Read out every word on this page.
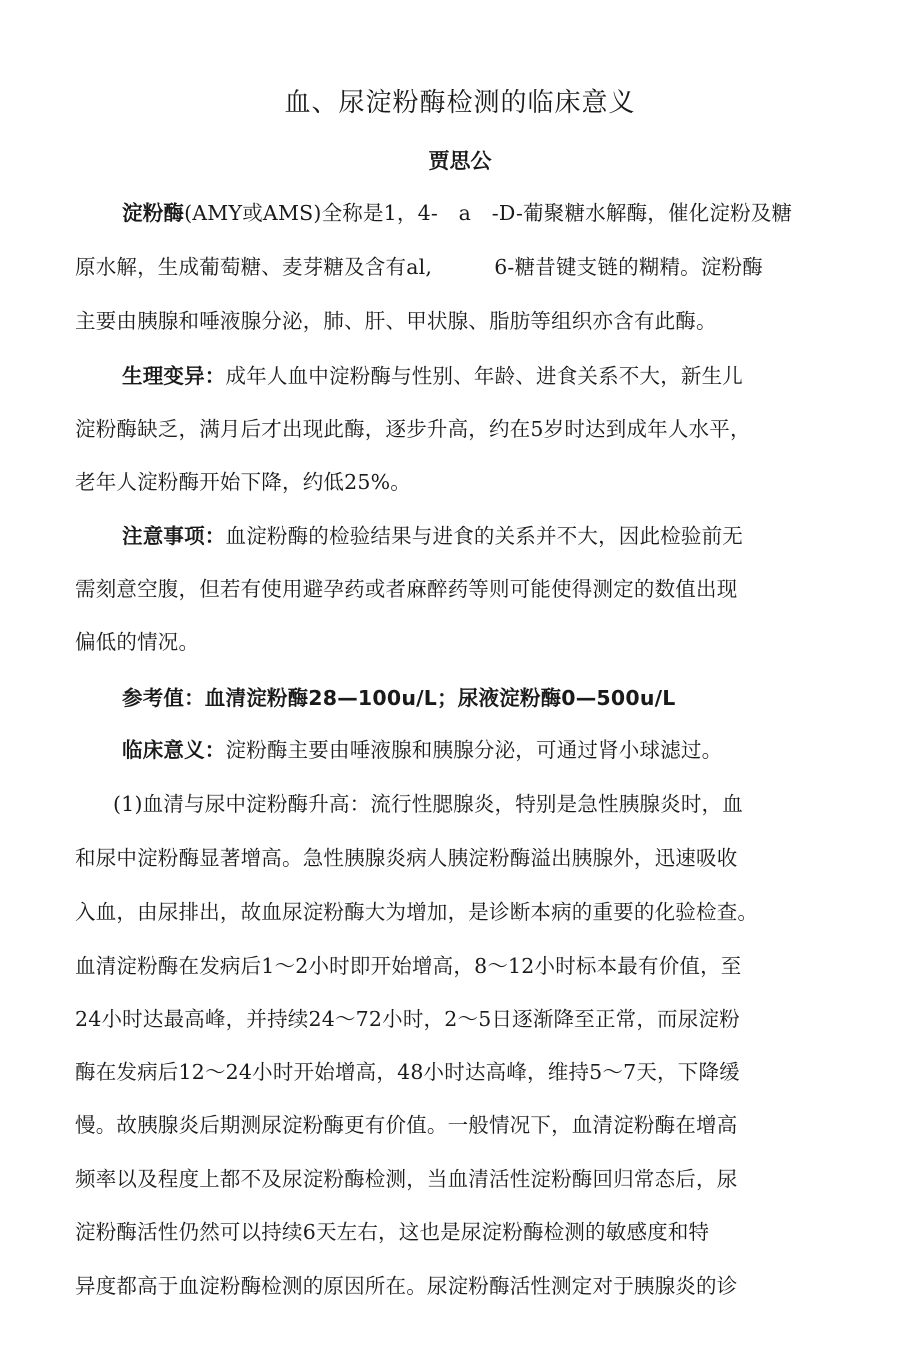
血、尿淀粉酶检测的临床意义
贾思公
淀粉酶(AMY或AMS)全称是1，4-　a　-D-葡聚糖水解酶，催化淀粉及糖
原水解，生成葡萄糖、麦芽糖及含有al,　　　6-糖昔键支链的糊精。淀粉酶
主要由胰腺和唾液腺分泌，肺、肝、甲状腺、脂肪等组织亦含有此酶。
生理变异：成年人血中淀粉酶与性别、年龄、进食关系不大，新生儿
淀粉酶缺乏，满月后才出现此酶，逐步升高，约在5岁时达到成年人水平，
老年人淀粉酶开始下降，约低25%。
注意事项：血淀粉酶的检验结果与进食的关系并不大，因此检验前无
需刻意空腹，但若有使用避孕药或者麻醉药等则可能使得测定的数值出现
偏低的情况。
参考值：血清淀粉酶28—100u/L；尿液淀粉酶0—500u/L
临床意义：淀粉酶主要由唾液腺和胰腺分泌，可通过肾小球滤过。
(1)血清与尿中淀粉酶升高：流行性腮腺炎，特别是急性胰腺炎时，血
和尿中淀粉酶显著增高。急性胰腺炎病人胰淀粉酶溢出胰腺外，迅速吸收
入血，由尿排出，故血尿淀粉酶大为增加，是诊断本病的重要的化验检查。
血清淀粉酶在发病后1～2小时即开始增高，8～12小时标本最有价值，至
24小时达最高峰，并持续24～72小时，2～5日逐渐降至正常，而尿淀粉
酶在发病后12～24小时开始增高，48小时达高峰，维持5～7天，下降缓
慢。故胰腺炎后期测尿淀粉酶更有价值。一般情况下，血清淀粉酶在增高
频率以及程度上都不及尿淀粉酶检测，当血清活性淀粉酶回归常态后，尿
淀粉酶活性仍然可以持续6天左右，这也是尿淀粉酶检测的敏感度和特
异度都高于血淀粉酶检测的原因所在。尿淀粉酶活性测定对于胰腺炎的诊
